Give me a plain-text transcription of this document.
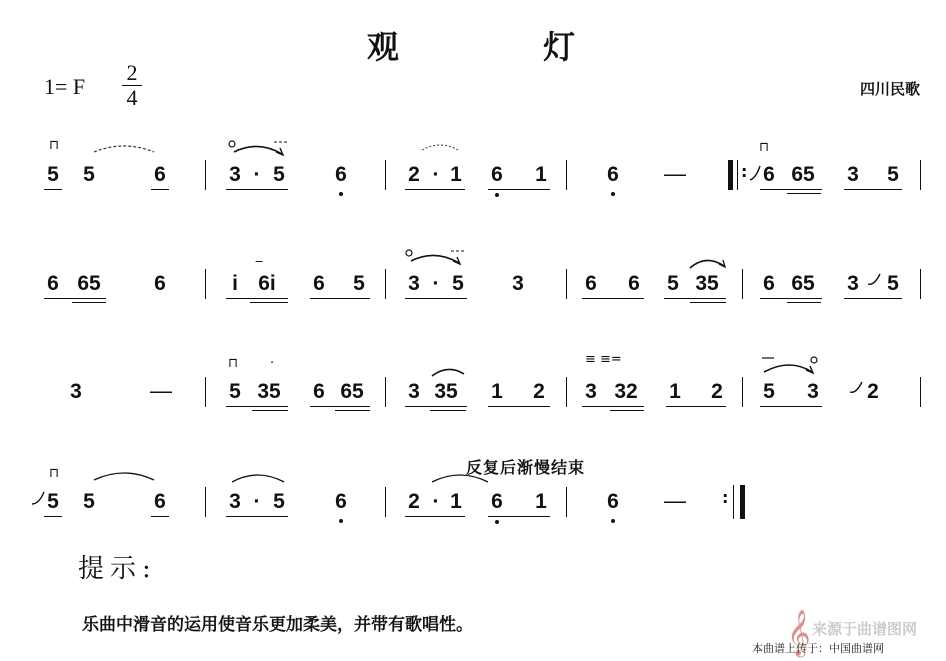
观	灯
1= F
2
4	四川民歌
⊓
5 5	6	3 · 5 6	2 · 1 6 1	6 —	:
⊓
6 65	3 5
6 65	6	i 6i
‒
6 5 3 · 5 3	6 6 5 35	6 65	3 5
3	—
⊓ ·
5 35	6 65	3 35	1 2
≡ ≡=
3 32	1 2 5 3 2
反复后渐慢结束
⊓
5 5	6	3 · 5 6	2 · 1 6 1	6 — :
提示:
乐曲中滑音的运用使音乐更加柔美，并带有歌唱性。	𝄞 来源于曲谱图网
本曲谱上传于：中国曲谱网
